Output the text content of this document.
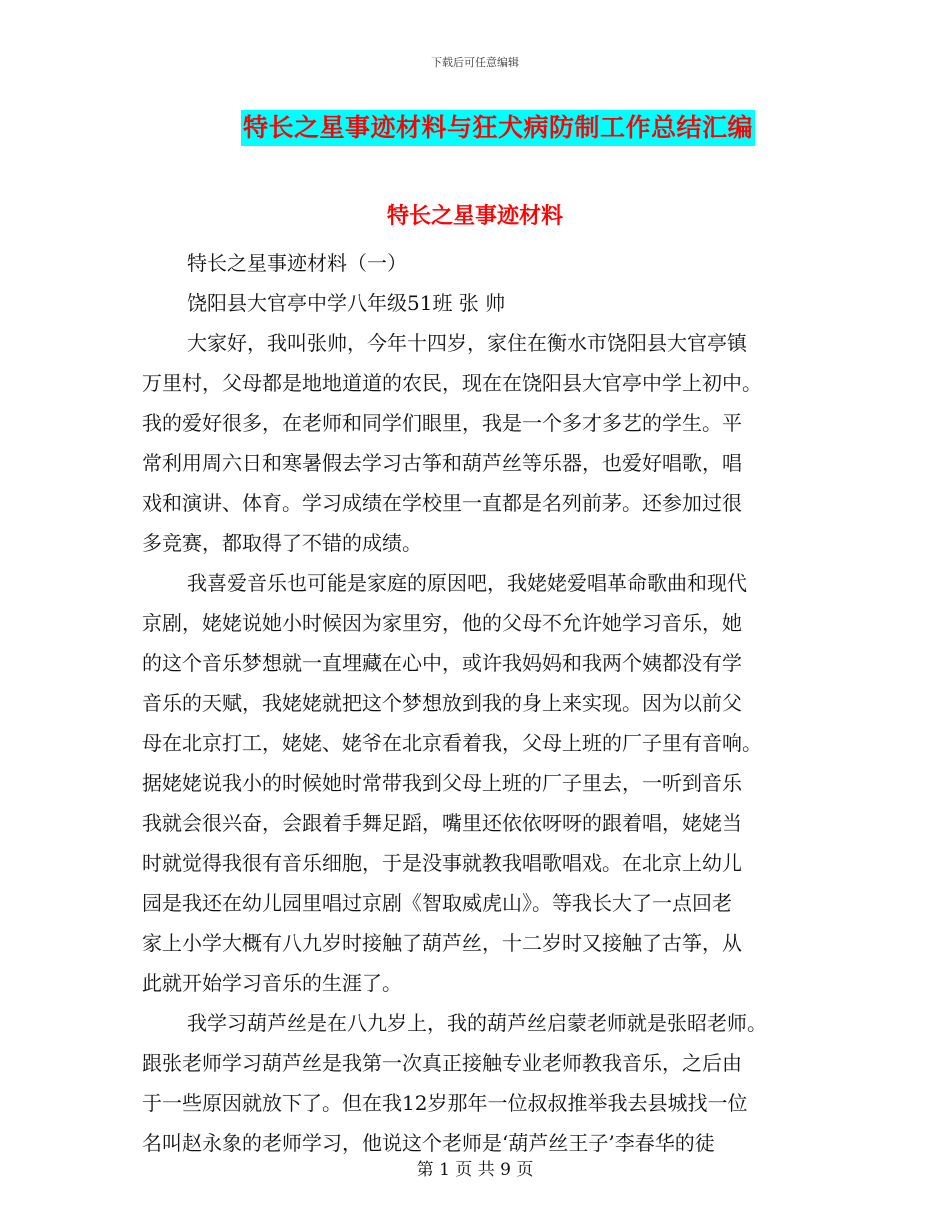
下载后可任意编辑
特长之星事迹材料与狂犬病防制工作总结汇编
特长之星事迹材料
特长之星事迹材料（一）
饶阳县大官亭中学八年级51班 张 帅
大家好，我叫张帅，今年十四岁，家住在衡水市饶阳县大官亭镇
万里村，父母都是地地道道的农民，现在在饶阳县大官亭中学上初中。
我的爱好很多，在老师和同学们眼里，我是一个多才多艺的学生。平
常利用周六日和寒暑假去学习古筝和葫芦丝等乐器，也爱好唱歌，唱
戏和演讲、体育。学习成绩在学校里一直都是名列前茅。还参加过很
多竞赛，都取得了不错的成绩。
我喜爱音乐也可能是家庭的原因吧，我姥姥爱唱革命歌曲和现代
京剧，姥姥说她小时候因为家里穷，他的父母不允许她学习音乐，她
的这个音乐梦想就一直埋藏在心中，或许我妈妈和我两个姨都没有学
音乐的天赋，我姥姥就把这个梦想放到我的身上来实现。因为以前父
母在北京打工，姥姥、姥爷在北京看着我，父母上班的厂子里有音响。
据姥姥说我小的时候她时常带我到父母上班的厂子里去，一听到音乐
我就会很兴奋，会跟着手舞足蹈，嘴里还依依呀呀的跟着唱，姥姥当
时就觉得我很有音乐细胞，于是没事就教我唱歌唱戏。在北京上幼儿
园是我还在幼儿园里唱过京剧《智取威虎山》。等我长大了一点回老
家上小学大概有八九岁时接触了葫芦丝，十二岁时又接触了古筝，从
此就开始学习音乐的生涯了。
我学习葫芦丝是在八九岁上，我的葫芦丝启蒙老师就是张昭老师。
跟张老师学习葫芦丝是我第一次真正接触专业老师教我音乐，之后由
于一些原因就放下了。但在我12岁那年一位叔叔推举我去县城找一位
名叫赵永象的老师学习，他说这个老师是‘葫芦丝王子’李春华的徒
第 1 页 共 9 页
